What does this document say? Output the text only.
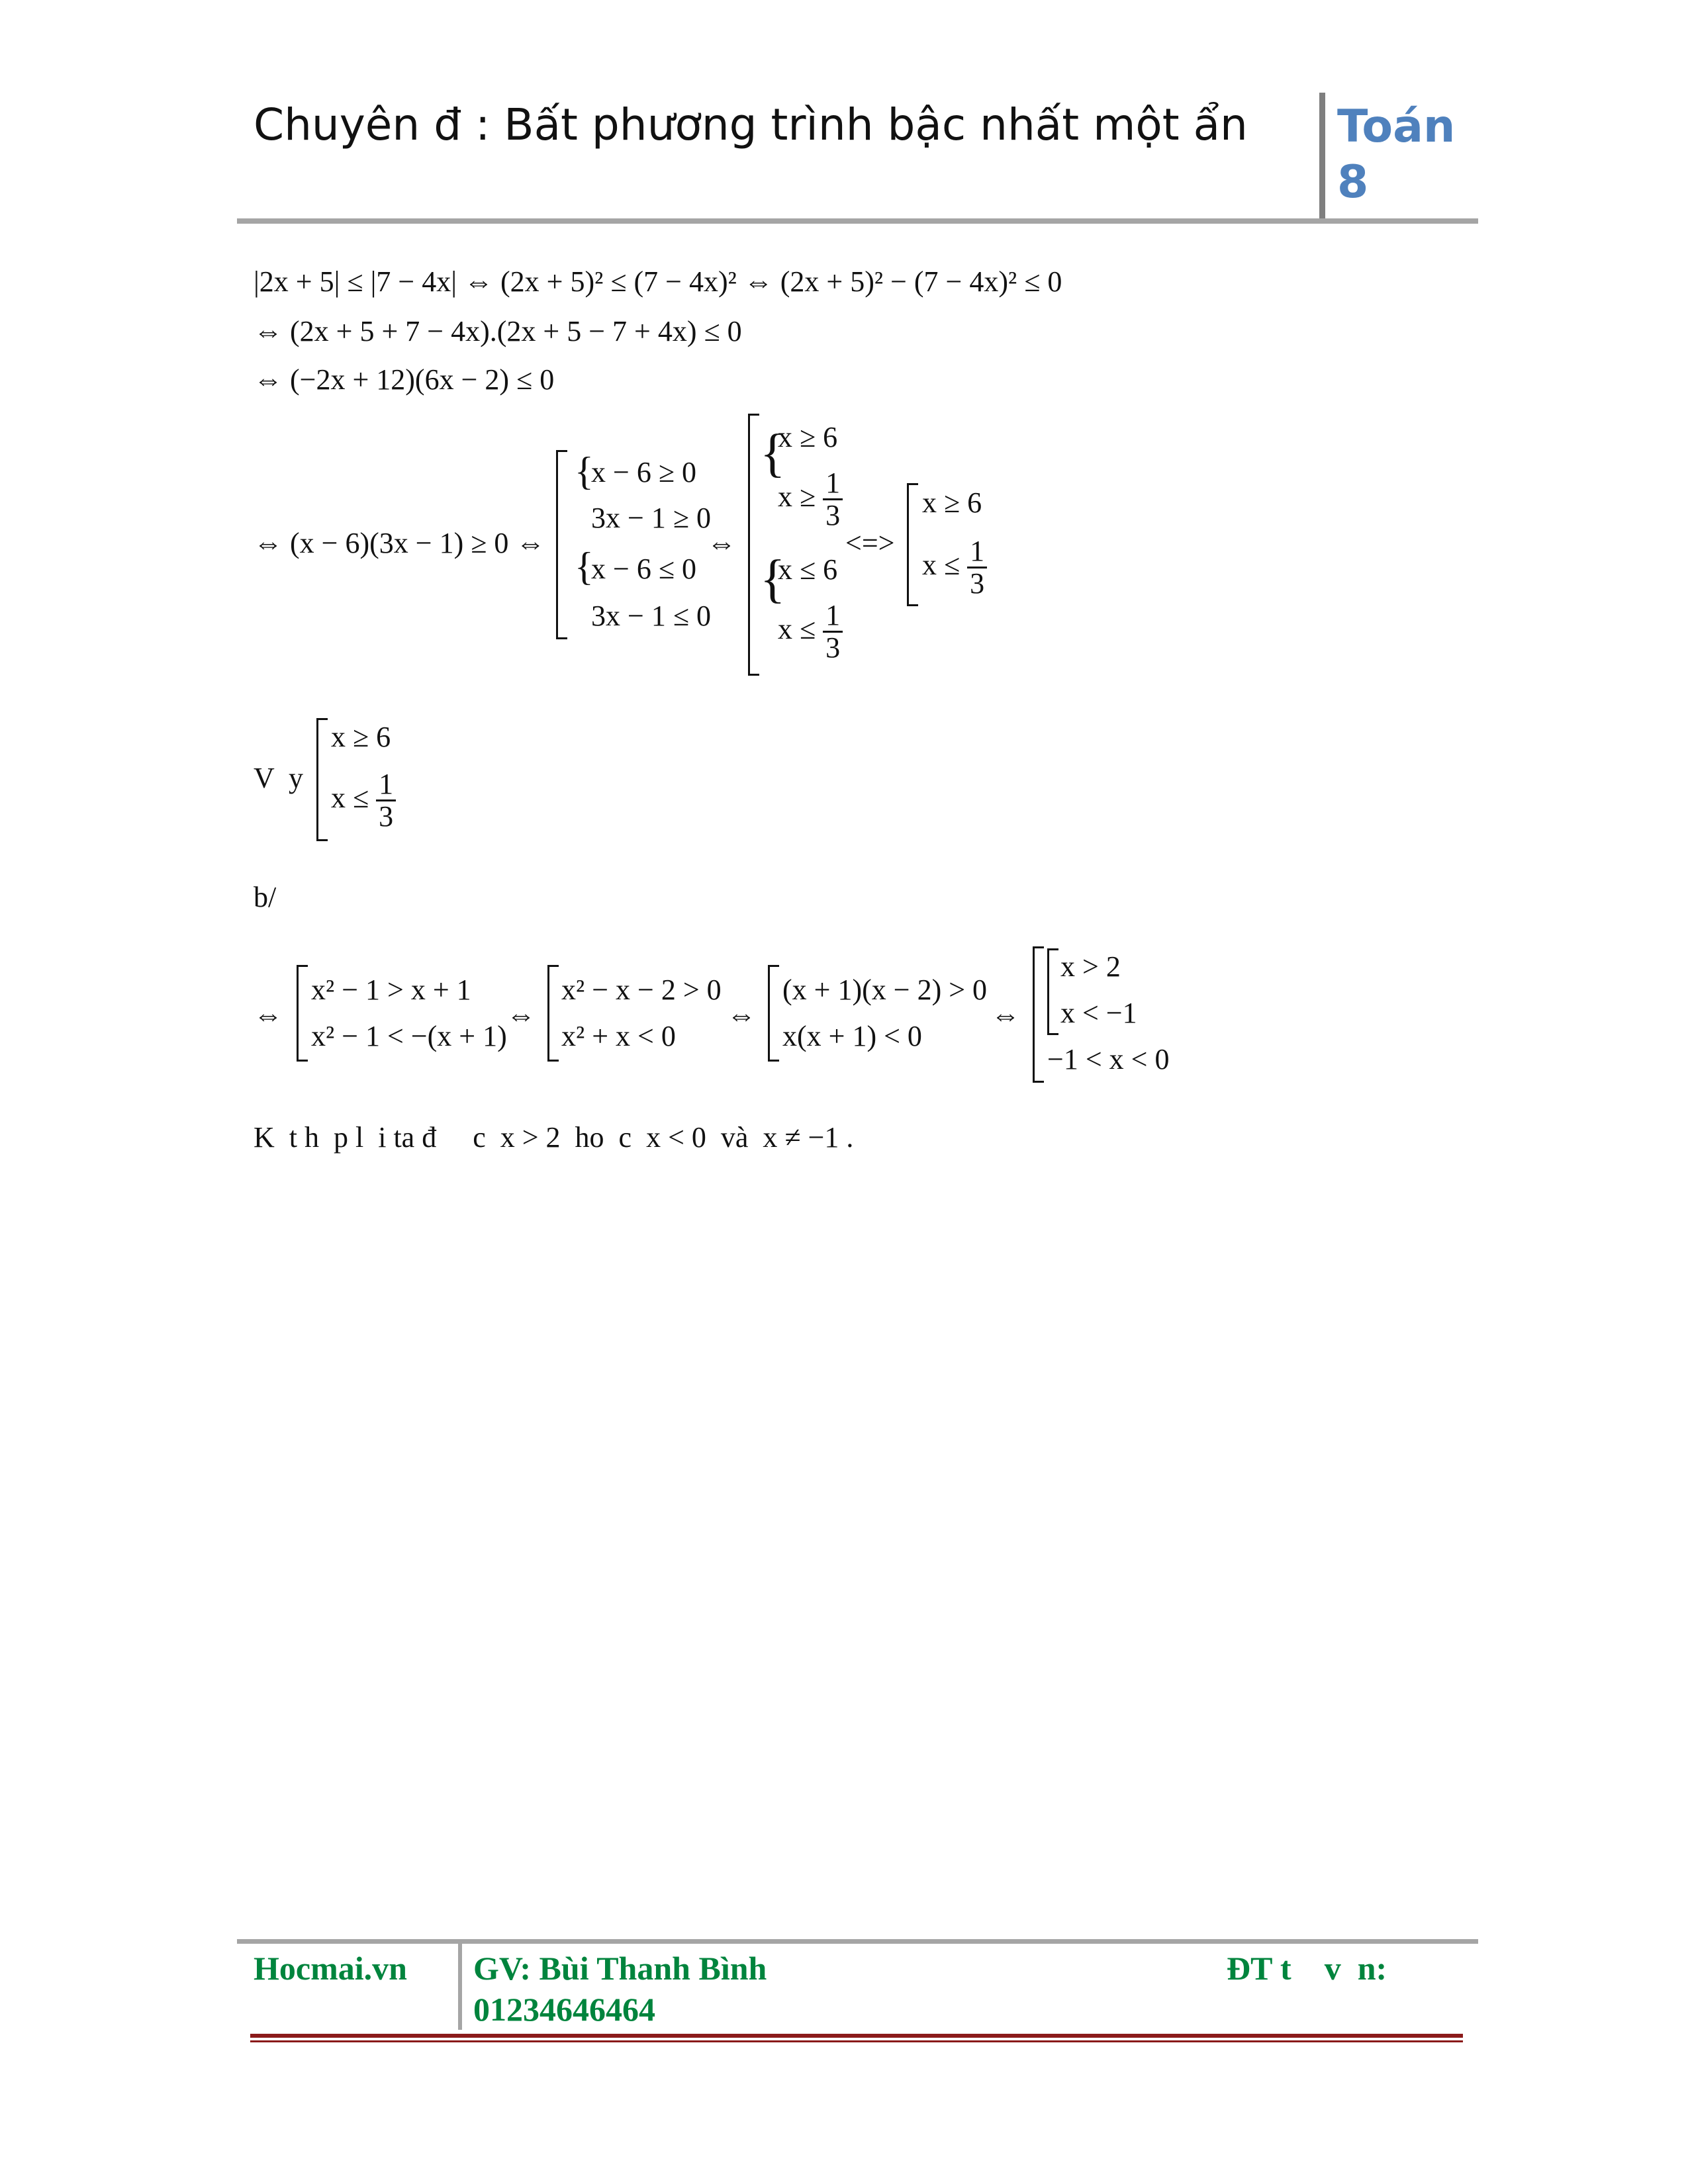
Chuyên đ : Bất phương trình bậc nhất một ẩn Toán
8
|2x + 5| ≤ |7 − 4x| ⇔ (2x + 5)² ≤ (7 − 4x)² ⇔ (2x + 5)² − (7 − 4x)² ≤ 0
⇔ (2x + 5 + 7 − 4x).(2x + 5 − 7 + 4x) ≤ 0
⇔ (−2x + 12)(6x − 2) ≤ 0
⇔ (x − 6)(3x − 1) ≥ 0 ⇔
{
x − 6 ≥ 0
3x − 1 ≥ 0
{
x − 6 ≤ 0
3x − 1 ≤ 0
⇔
{
x ≥ 6
$x \ge \frac{1}{3}$
{
x ≤ 6
$x \le \frac{1}{3}$
<=>
x ≥ 6
$x \le \frac{1}{3}$
V  y
x ≥ 6
$x \le \frac{1}{3}$
b/
⇔
x² − 1 > x + 1
x² − 1 < −(x + 1)
⇔
x² − x − 2 > 0
x² + x < 0
⇔
(x + 1)(x − 2) > 0
x(x + 1) < 0
⇔
x > 2
x < −1
−1 < x < 0
K  t h  p l  i ta đ     c  x > 2  ho  c  x < 0  và  x ≠ −1 .
Hocmai.vn GV: Bùi Thanh Bình
01234646464
ĐT t    v  n:
